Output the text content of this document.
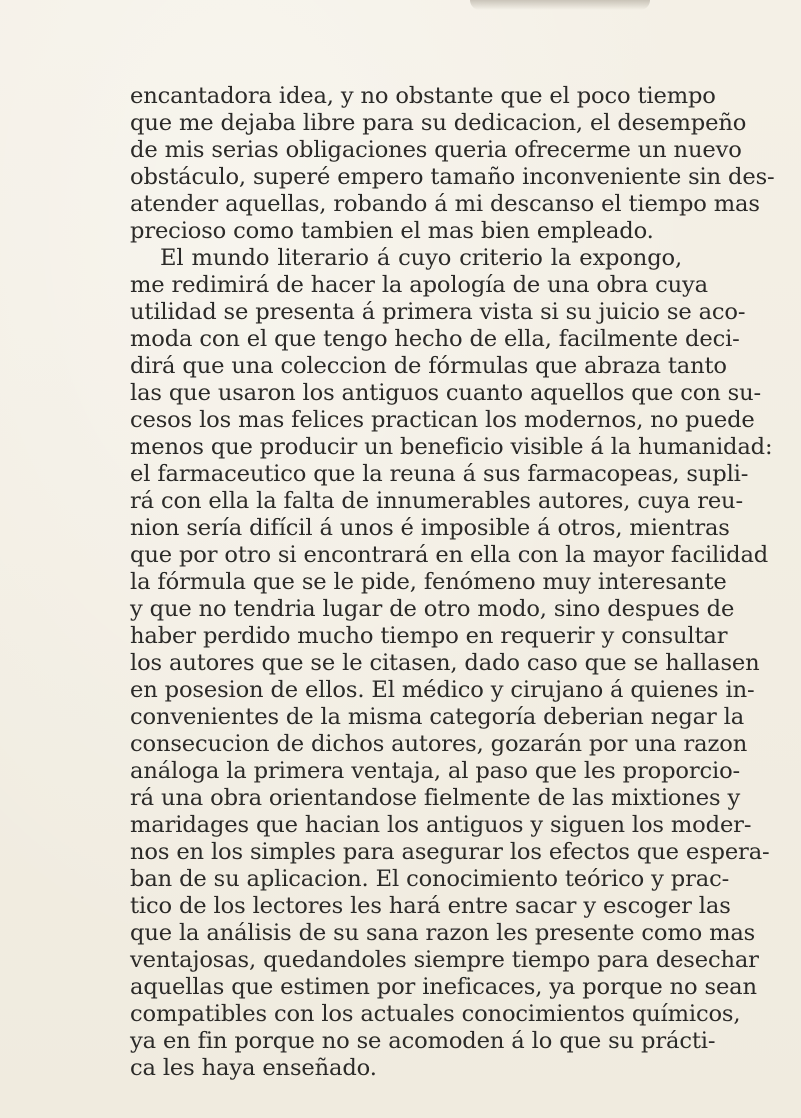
encantadora idea, y no obstante que el poco tiempo
que me dejaba libre para su dedicacion, el desempeño
de mis serias obligaciones queria ofrecerme un nuevo
obstáculo, superé empero tamaño inconveniente sin des-
atender aquellas, robando á mi descanso el tiempo mas
precioso como tambien el mas bien empleado.
El mundo literario á cuyo criterio la expongo,
me redimirá de hacer la apología de una obra cuya
utilidad se presenta á primera vista si su juicio se aco-
moda con el que tengo hecho de ella, facilmente deci-
dirá que una coleccion de fórmulas que abraza tanto
las que usaron los antiguos cuanto aquellos que con su-
cesos los mas felices practican los modernos, no puede
menos que producir un beneficio visible á la humanidad:
el farmaceutico que la reuna á sus farmacopeas, supli-
rá con ella la falta de innumerables autores, cuya reu-
nion sería difícil á unos é imposible á otros, mientras
que por otro si encontrará en ella con la mayor facilidad
la fórmula que se le pide, fenómeno muy interesante
y que no tendria lugar de otro modo, sino despues de
haber perdido mucho tiempo en requerir y consultar
los autores que se le citasen, dado caso que se hallasen
en posesion de ellos. El médico y cirujano á quienes in-
convenientes de la misma categoría deberian negar la
consecucion de dichos autores, gozarán por una razon
análoga la primera ventaja, al paso que les proporcio-
rá una obra orientandose fielmente de las mixtiones y
maridages que hacian los antiguos y siguen los moder-
nos en los simples para asegurar los efectos que espera-
ban de su aplicacion. El conocimiento teórico y prac-
tico de los lectores les hará entre sacar y escoger las
que la análisis de su sana razon les presente como mas
ventajosas, quedandoles siempre tiempo para desechar
aquellas que estimen por ineficaces, ya porque no sean
compatibles con los actuales conocimientos químicos,
ya en fin porque no se acomoden á lo que su prácti-
ca les haya enseñado.
